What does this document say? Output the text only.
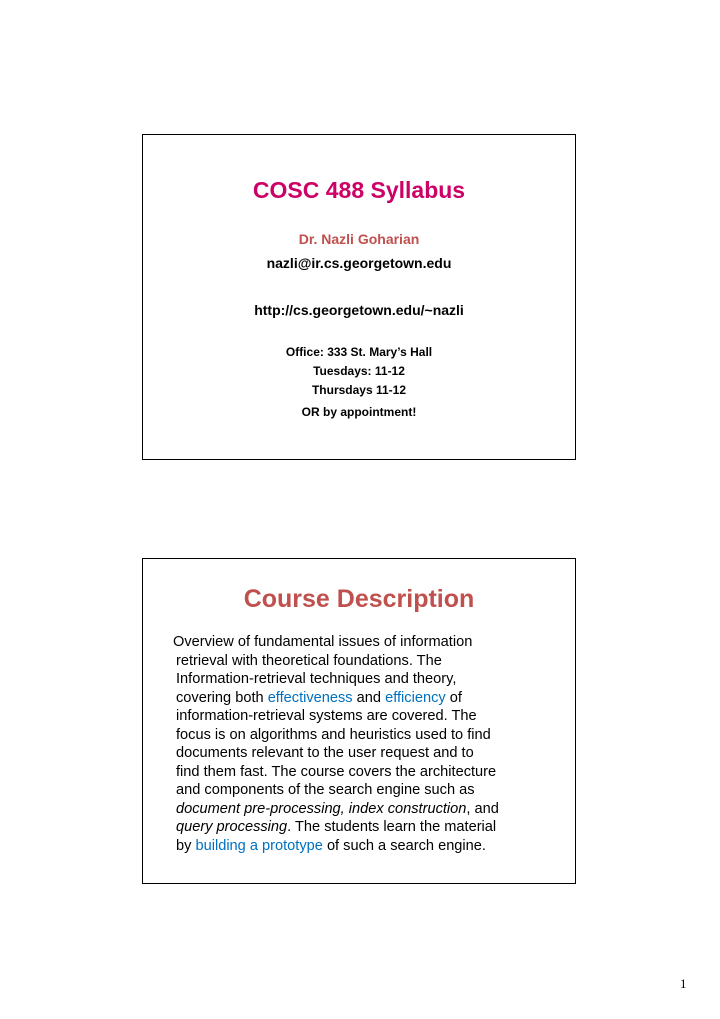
COSC 488 Syllabus
Dr. Nazli Goharian
nazli@ir.cs.georgetown.edu
http://cs.georgetown.edu/~nazli
Office: 333 St. Mary’s Hall
Tuesdays: 11-12
Thursdays 11-12
OR by appointment!
Course Description
Overview of fundamental issues of information
retrieval with theoretical foundations. The
Information-retrieval techniques and theory,
covering both effectiveness and efficiency of
information-retrieval systems are covered. The
focus is on algorithms and heuristics used to find
documents relevant to the user request and to
find them fast. The course covers the architecture
and components of the search engine such as
document pre-processing, index construction, and
query processing. The students learn the material
by building a prototype of such a search engine.
1
